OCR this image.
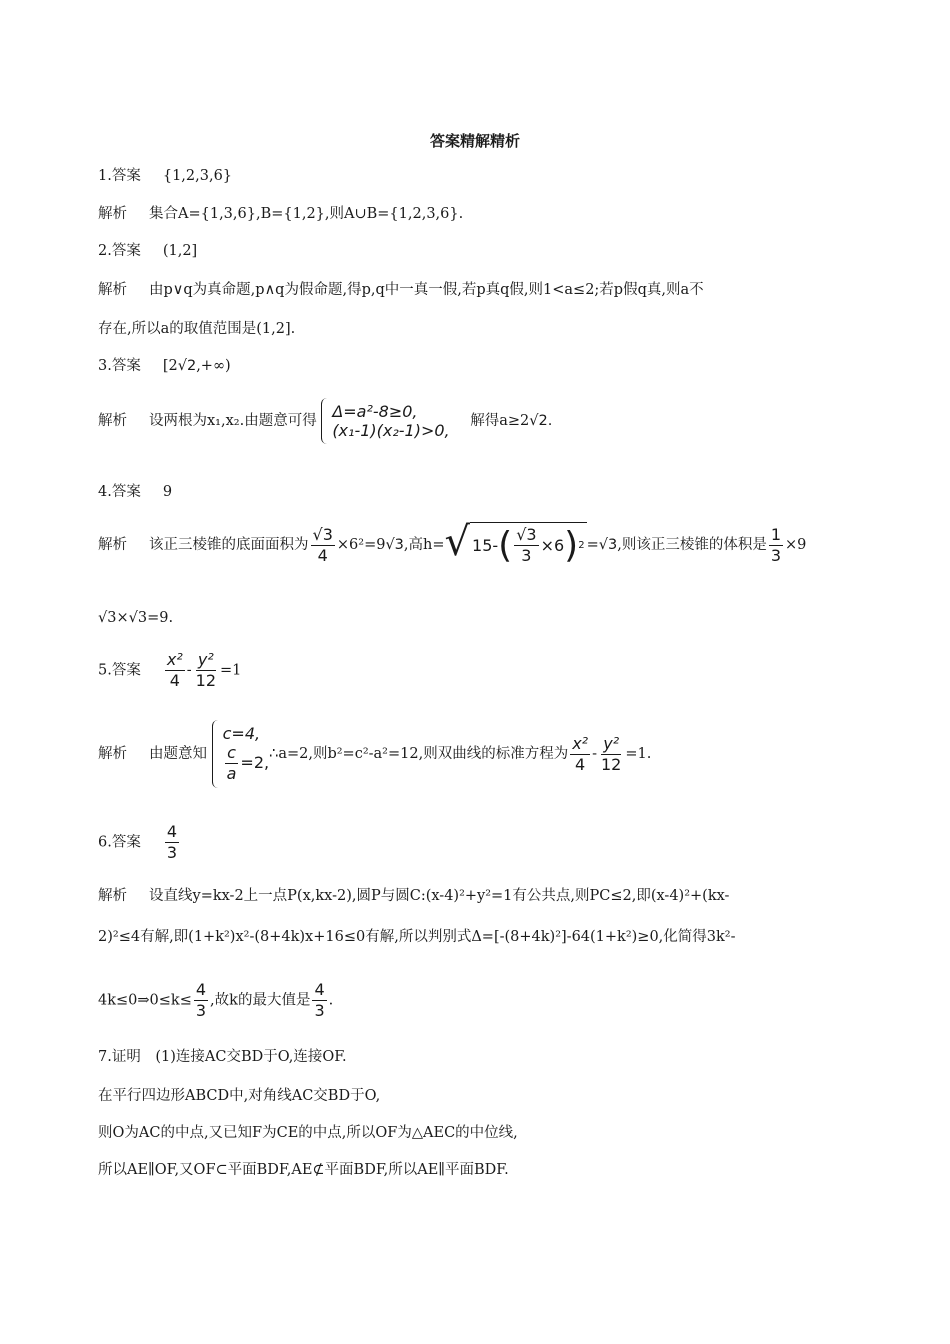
答案精解精析
1.答案 {1,2,3,6}
解析 集合A={1,3,6},B={1,2},则A∪B={1,2,3,6}.
2.答案 (1,2]
解析 由p∨q为真命题,p∧q为假命题,得p,q中一真一假,若p真q假,则1<a≤2;若p假q真,则a不
存在,所以a的取值范围是(1,2].
3.答案 [2√2,+∞)
解析 设两根为x₁,x₂.由题意可得
Δ=a²-8≥0,
(x₁-1)(x₂-1)>0, 解得a≥2√2.
4.答案 9
解析 该正三棱锥的底面面积为 $\frac{√3}{4} \times 6^2=9√3$,高h= √ 15- ( $\frac{√3}{3} \times 6$ ) 2 =√3,则该正三棱锥的体积是 $\frac{1}{3} \times 9$
√3×√3=9.
5.答案 $\frac{\text{x²}}{4} - \frac{\text{y²}}{12} =1$
解析 由题意知
c=4,
$\frac{c}{a} =2$, ∴a=2,则b²=c²-a²=12,则双曲线的标准方程为 $\frac{\text{x²}}{4} - \frac{\text{y²}}{12} =1$.
6.答案 $\frac{4}{3}$
解析 设直线y=kx-2上一点P(x,kx-2),圆P与圆C:(x-4)²+y²=1有公共点,则PC≤2,即(x-4)²+(kx-
2)²≤4有解,即(1+k²)x²-(8+4k)x+16≤0有解,所以判别式Δ=[-(8+4k)²]-64(1+k²)≥0,化简得3k²-
4k≤0⇒0≤k≤ $\frac{4}{3}$ ,故k的最大值是 $\frac{4}{3}$ .
7.证明　(1)连接AC交BD于O,连接OF.
在平行四边形ABCD中,对角线AC交BD于O,
则O为AC的中点,又已知F为CE的中点,所以OF为△AEC的中位线,
所以AE∥OF,又OF⊂平面BDF,AE⊄平面BDF,所以AE∥平面BDF.
